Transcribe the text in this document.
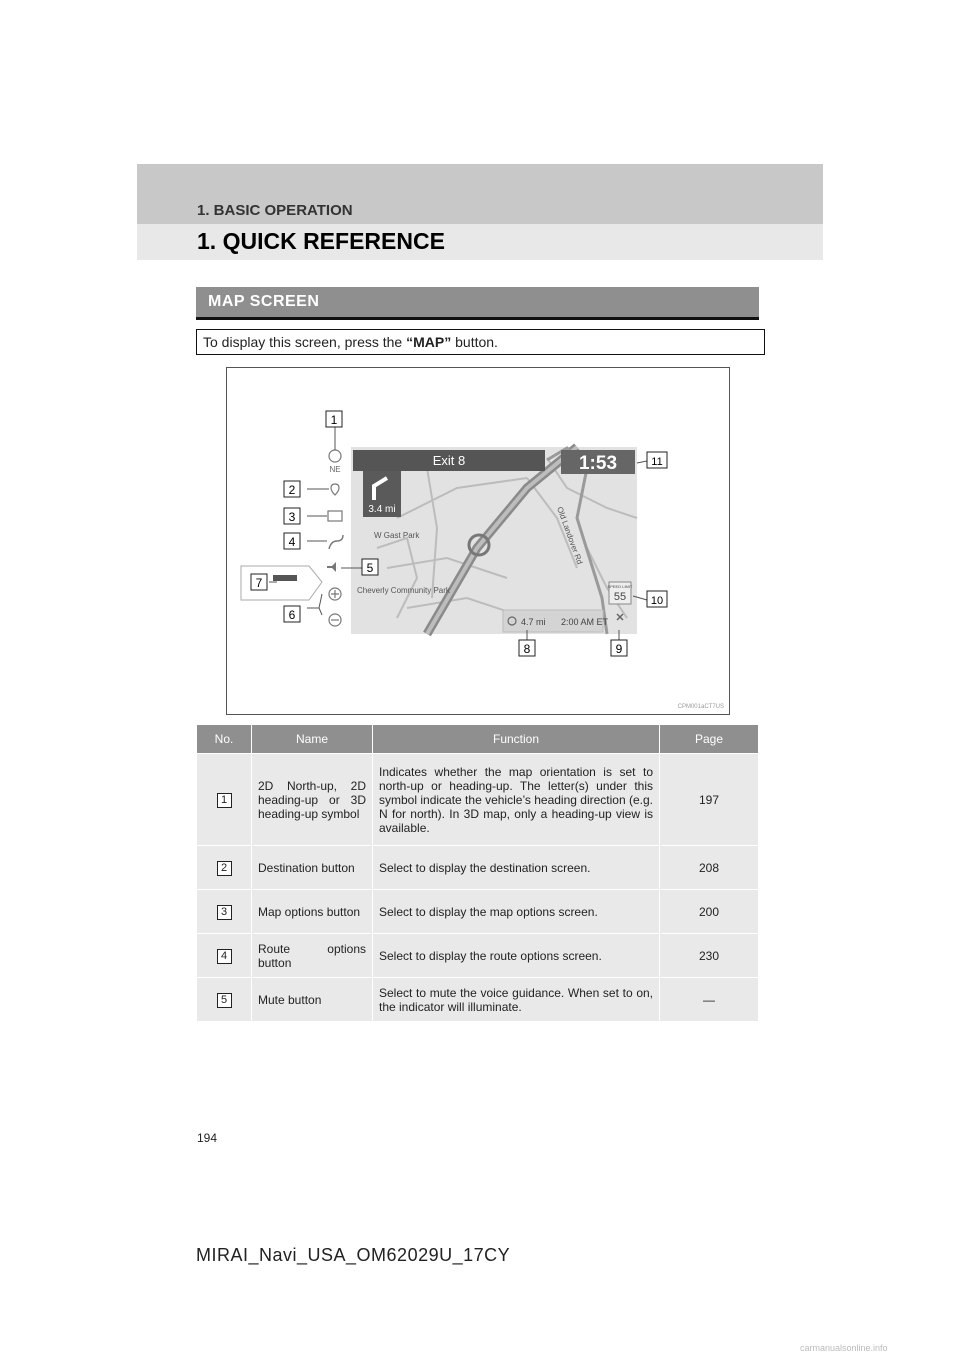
1. BASIC OPERATION
1. QUICK REFERENCE
MAP SCREEN
To display this screen, press the “MAP” button.
Exit 8	1:53
3.4 mi
W Gast Park
Cheverly Community Park
Old Landover Rd
NE
4.7 mi 2:00 AM ET
SPEED LIMIT
55
1
2
3
4
5
6
7
8	9
10
11
CPM001aCT7US
No.	Name	Function	Page
1	2D North-up, 2D heading-up or 3D heading-up symbol	Indicates whether the map orientation is set to north-up or heading-up. The letter(s) under this symbol indicate the vehicle’s heading direction (e.g. N for north). In 3D map, only a heading-up view is available.	197
2	Destination button	Select to display the destination screen.	208
3	Map options button	Select to display the map options screen.	200
4	Route options button	Select to display the route options screen.	230
5	Mute button	Select to mute the voice guidance. When set to on, the indicator will illuminate.	—
194
MIRAI_Navi_USA_OM62029U_17CY
carmanualsonline.info
